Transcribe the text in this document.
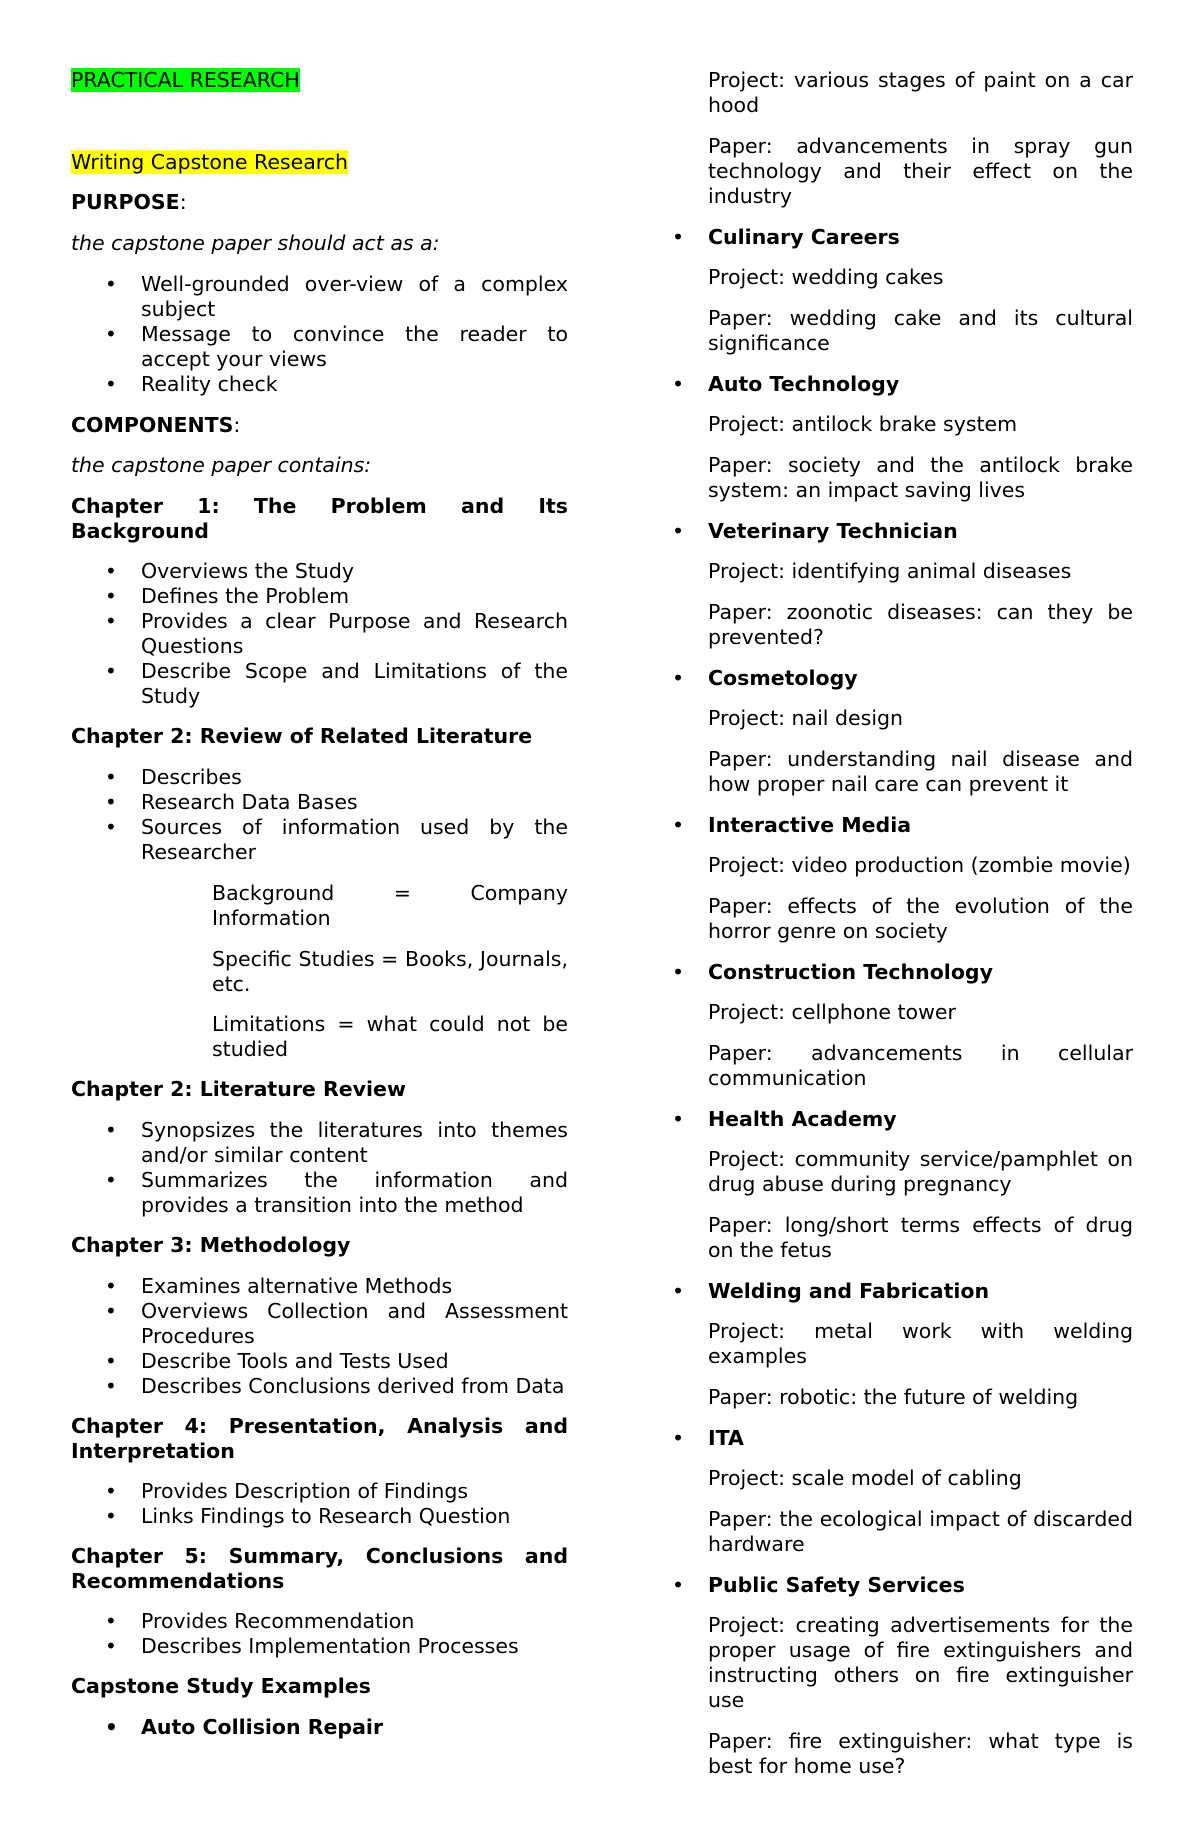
PRACTICAL RESEARCH

Writing Capstone Research

PURPOSE:

the capstone paper should act as a:

• Well-grounded over-view of a complex subject
• Message to convince the reader to accept your views
• Reality check

COMPONENTS:

the capstone paper contains:

Chapter 1: The Problem and Its Background

• Overviews the Study
• Defines the Problem
• Provides a clear Purpose and Research Questions
• Describe Scope and Limitations of the Study

Chapter 2: Review of Related Literature

• Describes
• Research Data Bases
• Sources of information used by the Researcher

Background = Company Information

Specific Studies = Books, Journals, etc.

Limitations = what could not be studied

Chapter 2: Literature Review

• Synopsizes the literatures into themes and/or similar content
• Summarizes the information and provides a transition into the method

Chapter 3: Methodology

• Examines alternative Methods
• Overviews Collection and Assessment Procedures
• Describe Tools and Tests Used
• Describes Conclusions derived from Data

Chapter 4: Presentation, Analysis and Interpretation

• Provides Description of Findings
• Links Findings to Research Question

Chapter 5: Summary, Conclusions and Recommendations

• Provides Recommendation
• Describes Implementation Processes

Capstone Study Examples

• Auto Collision Repair

Project: various stages of paint on a car hood

Paper: advancements in spray gun technology and their effect on the industry

• Culinary Careers

Project: wedding cakes

Paper: wedding cake and its cultural significance

• Auto Technology

Project: antilock brake system

Paper: society and the antilock brake system: an impact saving lives

• Veterinary Technician

Project: identifying animal diseases

Paper: zoonotic diseases: can they be prevented?

• Cosmetology

Project: nail design

Paper: understanding nail disease and how proper nail care can prevent it

• Interactive Media

Project: video production (zombie movie)

Paper: effects of the evolution of the horror genre on society

• Construction Technology

Project: cellphone tower

Paper: advancements in cellular communication

• Health Academy

Project: community service/pamphlet on drug abuse during pregnancy

Paper: long/short terms effects of drug on the fetus

• Welding and Fabrication

Project: metal work with welding examples

Paper: robotic: the future of welding

• ITA

Project: scale model of cabling

Paper: the ecological impact of discarded hardware

• Public Safety Services

Project: creating advertisements for the proper usage of fire extinguishers and instructing others on fire extinguisher use

Paper: fire extinguisher: what type is best for home use?
